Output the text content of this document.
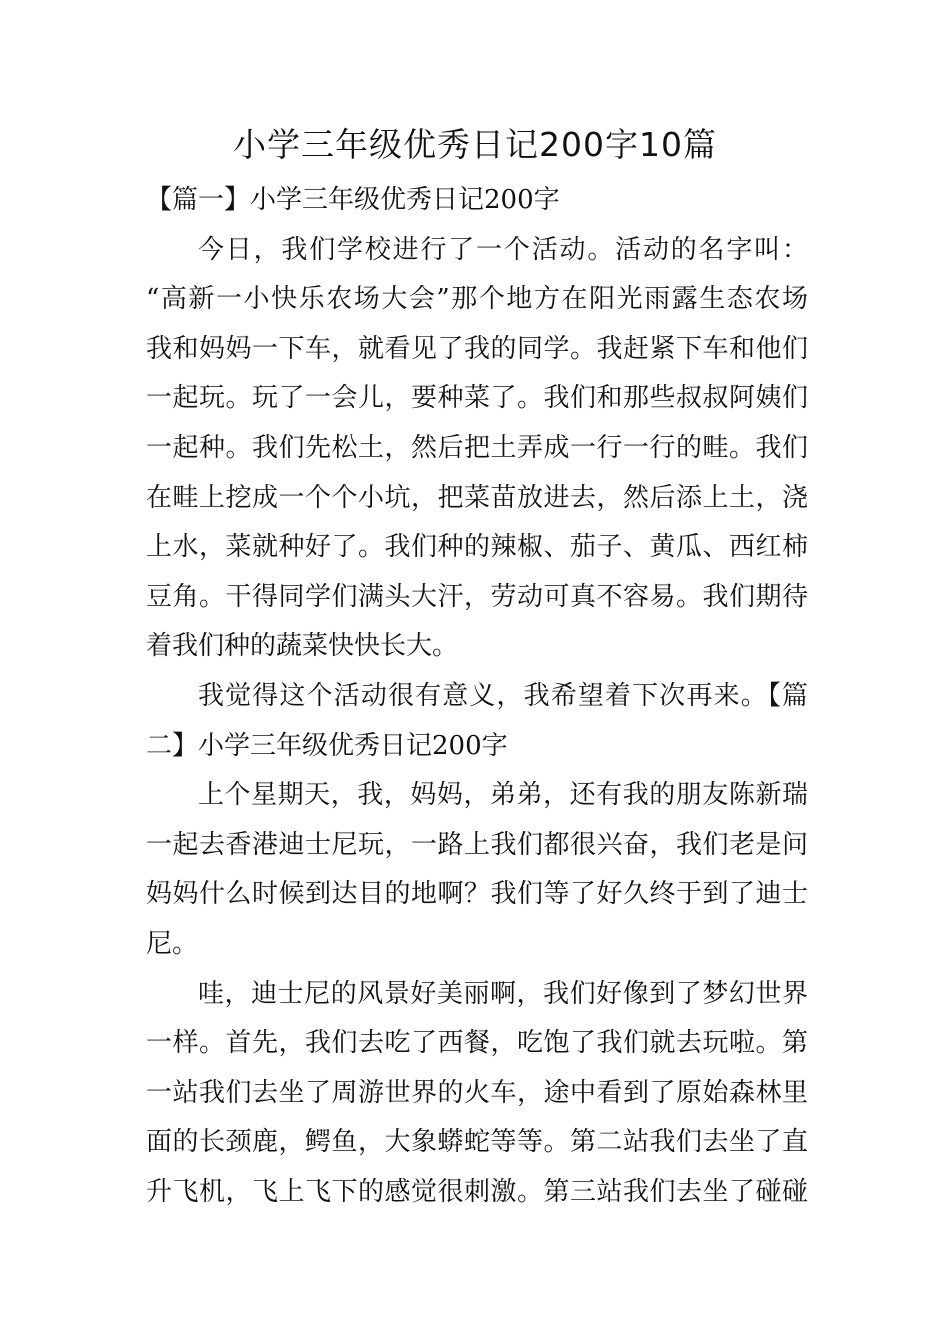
小学三年级优秀日记200字10篇
【篇一】小学三年级优秀日记200字
今日，我们学校进行了一个活动。活动的名字叫：
“高新一小快乐农场大会”那个地方在阳光雨露生态农场
我和妈妈一下车，就看见了我的同学。我赶紧下车和他们
一起玩。玩了一会儿，要种菜了。我们和那些叔叔阿姨们
一起种。我们先松土，然后把土弄成一行一行的畦。我们
在畦上挖成一个个小坑，把菜苗放进去，然后添上土，浇
上水，菜就种好了。我们种的辣椒、茄子、黄瓜、西红柿
豆角。干得同学们满头大汗，劳动可真不容易。我们期待
着我们种的蔬菜快快长大。
我觉得这个活动很有意义，我希望着下次再来。【篇
二】小学三年级优秀日记200字
上个星期天，我，妈妈，弟弟，还有我的朋友陈新瑞
一起去香港迪士尼玩，一路上我们都很兴奋，我们老是问
妈妈什么时候到达目的地啊？我们等了好久终于到了迪士
尼。
哇，迪士尼的风景好美丽啊，我们好像到了梦幻世界
一样。首先，我们去吃了西餐，吃饱了我们就去玩啦。第
一站我们去坐了周游世界的火车，途中看到了原始森林里
面的长颈鹿，鳄鱼，大象蟒蛇等等。第二站我们去坐了直
升飞机，飞上飞下的感觉很刺激。第三站我们去坐了碰碰
